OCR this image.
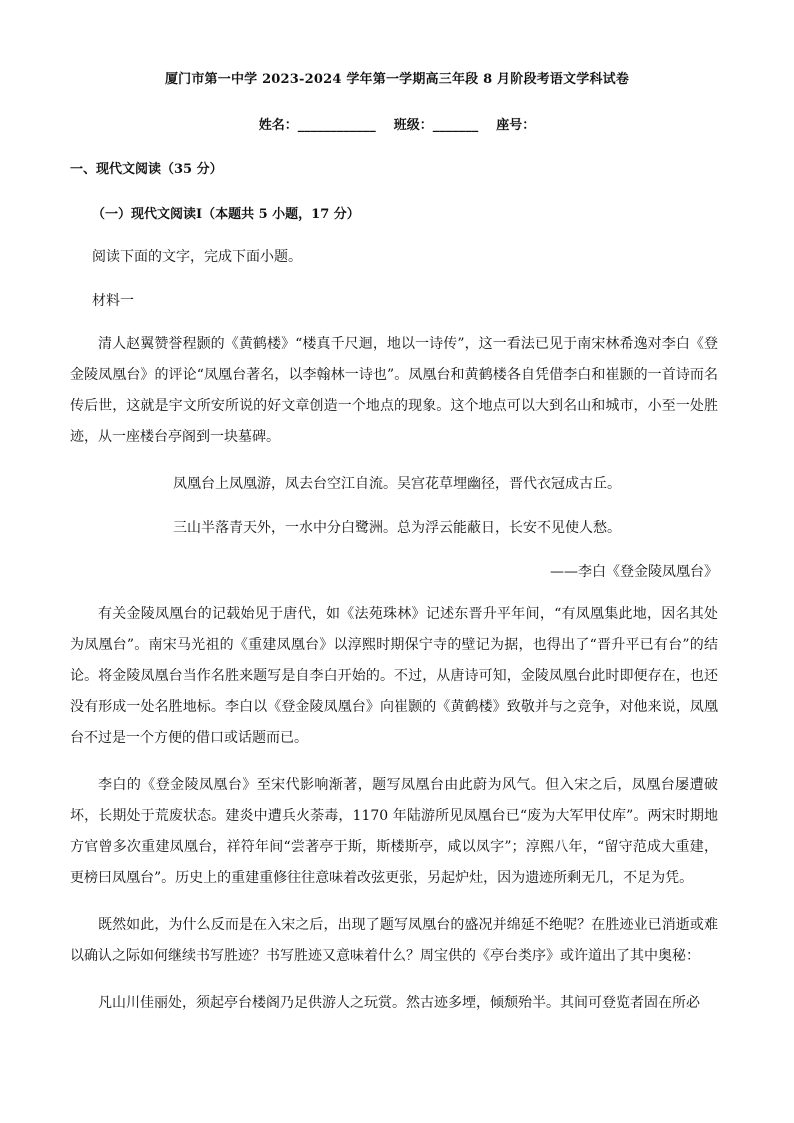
厦门市第一中学 2023-2024 学年第一学期高三年段 8 月阶段考语文学科试卷
姓名：____________ 班级：_______ 座号：
一、现代文阅读（35 分）
（一）现代文阅读Ⅰ（本题共 5 小题，17 分）
阅读下面的文字，完成下面小题。
材料一

清人赵翼赞誉程颢的《黄鹤楼》“楼真千尺迴，地以一诗传”，这一看法已见于南宋林希逸对李白《登金陵凤凰台》的评论“凤凰台著名，以李翰林一诗也”。凤凰台和黄鹤楼各自凭借李白和崔颢的一首诗而名传后世，这就是宇文所安所说的好文章创造一个地点的现象。这个地点可以大到名山和城市，小至一处胜迹，从一座楼台亭阁到一块墓碑。

凤凰台上凤凰游，凤去台空江自流。吴宫花草埋幽径，晋代衣冠成古丘。
三山半落青天外，一水中分白鹭洲。总为浮云能蔽日，长安不见使人愁。
——李白《登金陵凤凰台》

有关金陵凤凰台的记载始见于唐代，如《法苑珠林》记述东晋升平年间，“有凤凰集此地，因名其处为凤凰台”。南宋马光祖的《重建凤凰台》以淳熙时期保宁寺的壁记为据，也得出了“晋升平已有台”的结论。将金陵凤凰台当作名胜来题写是自李白开始的。不过，从唐诗可知，金陵凤凰台此时即便存在，也还没有形成一处名胜地标。李白以《登金陵凤凰台》向崔颢的《黄鹤楼》致敬并与之竞争，对他来说，凤凰台不过是一个方便的借口或话题而已。

李白的《登金陵凤凰台》至宋代影响渐著，题写凤凰台由此蔚为风气。但入宋之后，凤凰台屡遭破坏，长期处于荒废状态。建炎中遭兵火荼毒，1170 年陆游所见凤凰台已“废为大军甲仗库”。两宋时期地方官曾多次重建凤凰台，祥符年间“尝著亭于斯，斯楼斯亭，咸以凤字”；淳熙八年，“留守范成大重建，更榜曰凤凰台”。历史上的重建重修往往意味着改弦更张，另起炉灶，因为遗迹所剩无几，不足为凭。

既然如此，为什么反而是在入宋之后，出现了题写凤凰台的盛况并绵延不绝呢？在胜迹业已消逝或难以确认之际如何继续书写胜迹？书写胜迹又意味着什么？周宝供的《亭台类序》或许道出了其中奥秘：

凡山川佳丽处，须起亭台楼阁乃足供游人之玩赏。然古迹多堙，倾颓殆半。其间可登览者固在所必
